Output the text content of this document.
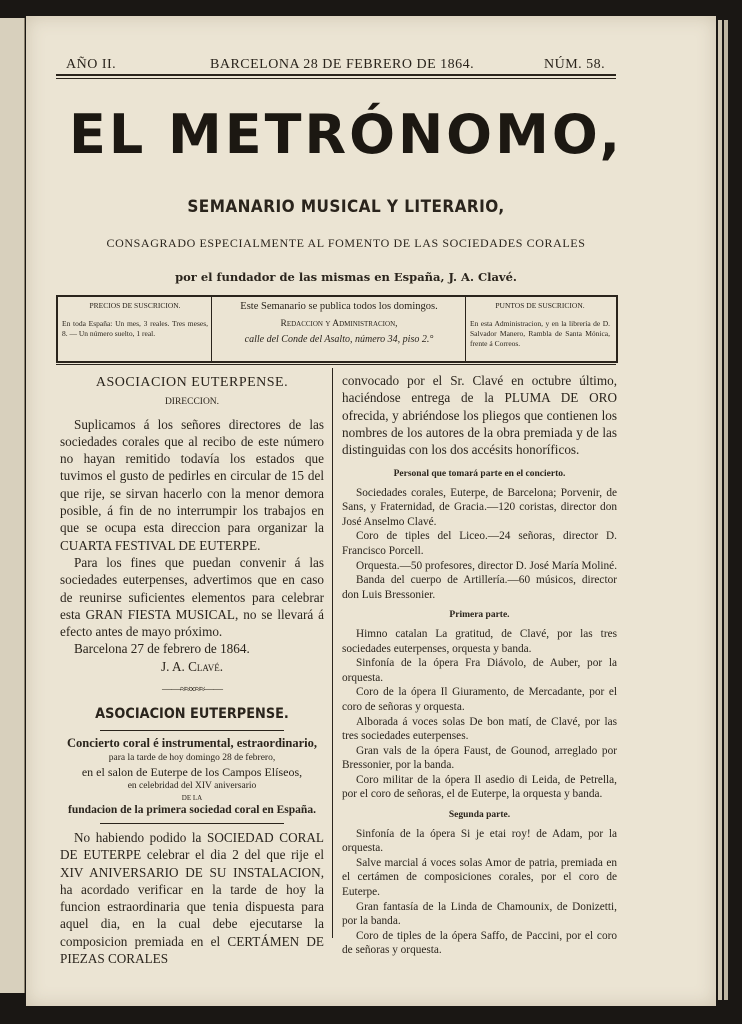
AÑO II.	BARCELONA 28 DE FEBRERO DE 1864.	NÚM. 58.
EL METRÓNOMO,
SEMANARIO MUSICAL Y LITERARIO,
CONSAGRADO ESPECIALMENTE AL FOMENTO DE LAS SOCIEDADES CORALES
por el fundador de las mismas en España, J. A. Clavé.
PRECIOS DE SUSCRICION.
En toda España: Un mes, 3 reales. Tres meses, 8. — Un número suelto, 1 real.
Este Semanario se publica todos los domingos.
Redaccion y Administracion,
calle del Conde del Asalto, número 34, piso 2.°
PUNTOS DE SUSCRICION.
En esta Administracion, y en la librería de D. Salvador Manero, Rambla de Santa Mónica, frente á Correos.
ASOCIACION EUTERPENSE.
DIRECCION.

Suplicamos á los señores directores de las sociedades corales que al recibo de este número no hayan remitido todavía los estados que tuvimos el gusto de pedirles en circular de 15 del que rije, se sirvan hacerlo con la menor demora posible, á fin de no interrumpir los trabajos en que se ocupa esta direccion para organizar la CUARTA FESTIVAL DE EUTERPE.

Para los fines que puedan convenir á las sociedades euterpenses, advertimos que en caso de reunirse suficientes elementos para celebrar esta GRAN FIESTA MUSICAL, no se llevará á efecto antes de mayo próximo.

Barcelona 27 de febrero de 1864.

J. A. Clavé.
——≈≈∞≈≈——
ASOCIACION EUTERPENSE.
Concierto coral é instrumental, estraordinario,
para la tarde de hoy domingo 28 de febrero,
en el salon de Euterpe de los Campos Elíseos,
en celebridad del XIV aniversario
DE LA
fundacion de la primera sociedad coral en España.

No habiendo podido la SOCIEDAD CORAL DE EUTERPE celebrar el dia 2 del que rije el XIV ANIVERSARIO DE SU INSTALACION, ha acordado verificar en la tarde de hoy la funcion estraordinaria que tenia dispuesta para aquel dia, en la cual debe ejecutarse la composicion premiada en el CERTÁMEN DE PIEZAS CORALES

convocado por el Sr. Clavé en octubre último, haciéndose entrega de la PLUMA DE ORO ofrecida, y abriéndose los pliegos que contienen los nombres de los autores de la obra premiada y de las distinguidas con los dos accésits honoríficos.

Personal que tomará parte en el concierto.

Sociedades corales, Euterpe, de Barcelona; Porvenir, de Sans, y Fraternidad, de Gracia.—120 coristas, director don José Anselmo Clavé.

Coro de tiples del Liceo.—24 señoras, director D. Francisco Porcell.

Orquesta.—50 profesores, director D. José María Moliné.

Banda del cuerpo de Artillería.—60 músicos, director don Luis Bressonier.

Primera parte.

Himno catalan La gratitud, de Clavé, por las tres sociedades euterpenses, orquesta y banda.

Sinfonía de la ópera Fra Diávolo, de Auber, por la orquesta.

Coro de la ópera Il Giuramento, de Mercadante, por el coro de señoras y orquesta.

Alborada á voces solas De bon matí, de Clavé, por las tres sociedades euterpenses.

Gran vals de la ópera Faust, de Gounod, arreglado por Bressonier, por la banda.

Coro militar de la ópera Il asedio di Leida, de Petrella, por el coro de señoras, el de Euterpe, la orquesta y banda.

Segunda parte.

Sinfonía de la ópera Si je etai roy! de Adam, por la orquesta.

Salve marcial á voces solas Amor de patria, premiada en el certámen de composiciones corales, por el coro de Euterpe.

Gran fantasía de la Linda de Chamounix, de Donizetti, por la banda.

Coro de tiples de la ópera Saffo, de Paccini, por el coro de señoras y orquesta.
